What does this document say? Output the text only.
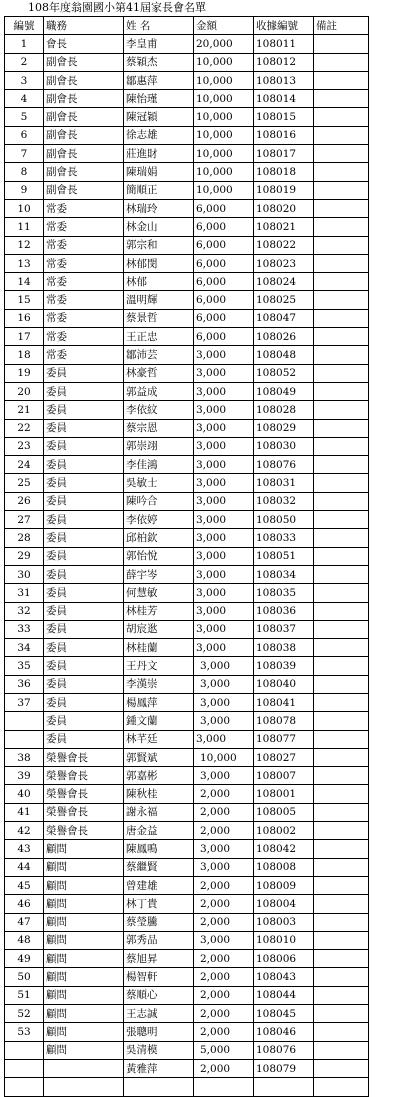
108年度翁園國小第41屆家長會名單
編號	職務	姓 名	金額	收據編號	備註
1	會長	李皇甫	20,000	108011	
2	副會長	蔡穎杰	10,000	108012	
3	副會長	鄒惠萍	10,000	108013	
4	副會長	陳怡瑾	10,000	108014	
5	副會長	陳冠穎	10,000	108015	
6	副會長	徐志雄	10,000	108016	
7	副會長	莊進財	10,000	108017	
8	副會長	陳瑞娟	10,000	108018	
9	副會長	簡順正	10,000	108019	
10	常委	林瑞玲	6,000	108020	
11	常委	林金山	6,000	108021	
12	常委	郭宗和	6,000	108022	
13	常委	林郁閔	6,000	108023	
14	常委	林郁	6,000	108024	
15	常委	溫明輝	6,000	108025	
16	常委	蔡景哲	6,000	108047	
17	常委	王正忠	6,000	108026	
18	常委	鄒沛芸	3,000	108048	
19	委員	林豪哲	3,000	108052	
20	委員	郭益成	3,000	108049	
21	委員	李依紋	3,000	108028	
22	委員	蔡宗恩	3,000	108029	
23	委員	郭崇翊	3,000	108030	
24	委員	李佳鴻	3,000	108076	
25	委員	吳敏士	3,000	108031	
26	委員	陳吟合	3,000	108032	
27	委員	李依婷	3,000	108050	
28	委員	邱柏欽	3,000	108033	
29	委員	郭怡悅	3,000	108051	
30	委員	薛宇岑	3,000	108034	
31	委員	何慧敏	3,000	108035	
32	委員	林桂芳	3,000	108036	
33	委員	胡宸逖	3,000	108037	
34	委員	林桂蘭	3,000	108038	
35	委員	王丹文	3,000	108039	
36	委員	李漢崇	3,000	108040	
37	委員	楊鳳萍	3,000	108041	
	委員	鍾文蘭	3,000	108078	
	委員	林芊廷	3,000	108077	
38	榮譽會長	郭賢斌	10,000	108027	
39	榮譽會長	郭嘉彬	3,000	108007	
40	榮譽會長	陳秋桂	2,000	108001	
41	榮譽會長	謝永福	2,000	108005	
42	榮譽會長	唐金益	2,000	108002	
43	顧問	陳鳳鳴	3,000	108042	
44	顧問	蔡繼賢	3,000	108008	
45	顧問	曾建雄	2,000	108009	
46	顧問	林丁貴	2,000	108004	
47	顧問	蔡瑩騰	2,000	108003	
48	顧問	郭秀品	3,000	108010	
49	顧問	蔡旭昇	2,000	108006	
50	顧問	楊智軒	2,000	108043	
51	顧問	蔡順心	2,000	108044	
52	顧問	王志誠	2,000	108045	
53	顧問	張聰明	2,000	108046	
	顧問	吳清模	5,000	108076	
		黃雅萍	2,000	108079	
